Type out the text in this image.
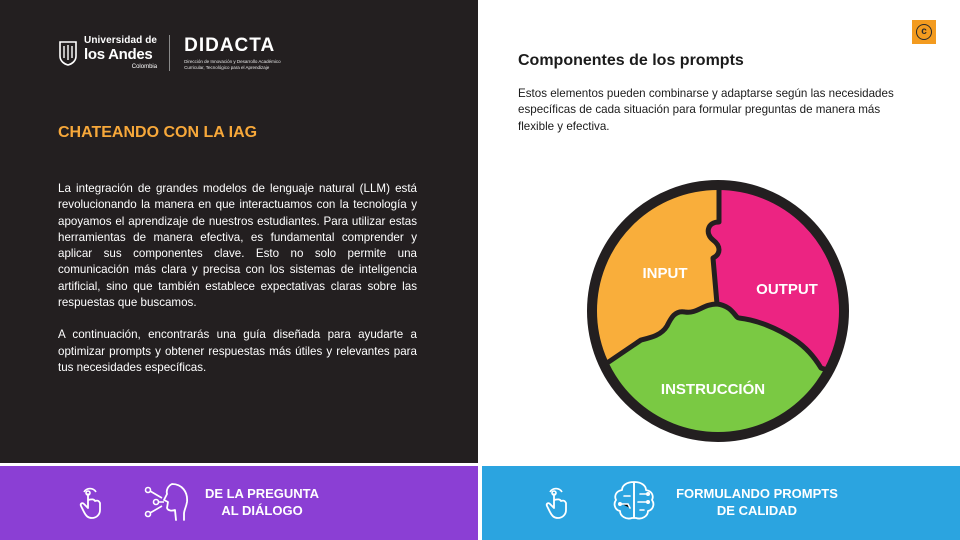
Universidad de
los Andes
Colombia
DIDACTA
Dirección de Innovación y Desarrollo Académico
Curricular, Tecnológico para el Aprendizaje
CHATEANDO CON LA IAG

La integración de grandes modelos de lenguaje natural (LLM) está revolucionando la manera en que interactuamos con la tecnología y apoyamos el aprendizaje de nuestros estudiantes. Para utilizar estas herramientas de manera efectiva, es fundamental comprender y aplicar sus componentes clave. Esto no solo permite una comunicación más clara y precisa con los sistemas de inteligencia artificial, sino que también establece expectativas claras sobre las respuestas que buscamos.

A continuación, encontrarás una guía diseñada para ayudarte a optimizar prompts y obtener respuestas más útiles y relevantes para tus necesidades específicas.

c
Componentes de los prompts

Estos elementos pueden combinarse y adaptarse según las necesidades específicas de cada situación para formular preguntas de manera más flexible y efectiva.

INPUT
OUTPUT
INSTRUCCIÓN
DE LA PREGUNTA
AL DIÁLOGO
FORMULANDO PROMPTS
DE CALIDAD
